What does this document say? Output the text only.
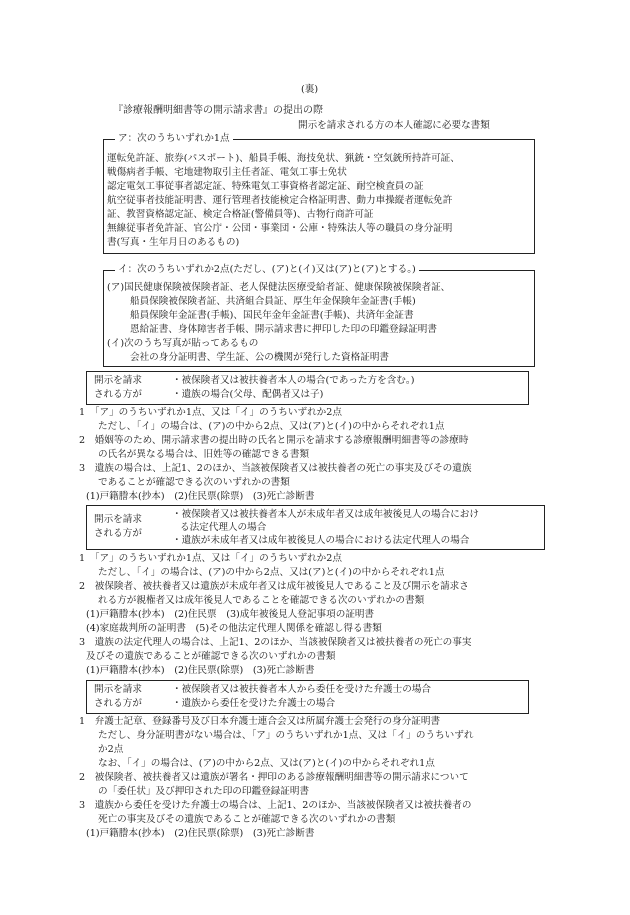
(裏)
『診療報酬明細書等の開示請求書』の提出の際
開示を請求される方の本人確認に必要な書類
ア：次のうちいずれか1点
運転免許証、旅券(パスポート)、船員手帳、海技免状、猟銃・空気銃所持許可証、
戦傷病者手帳、宅地建物取引主任者証、電気工事士免状
認定電気工事従事者認定証、特殊電気工事資格者認定証、耐空検査員の証
航空従事者技能証明書、運行管理者技能検定合格証明書、動力車操縦者運転免許
証、教習資格認定証、検定合格証(警備員等)、古物行商許可証
無線従事者免許証、官公庁・公団・事業団・公庫・特殊法人等の職員の身分証明
書(写真・生年月日のあるもの)
イ：次のうちいずれか2点(ただし、(ア)と(イ)又は(ア)と(ア)とする。)
(ア)国民健康保険被保険者証、老人保健法医療受給者証、健康保険被保険者証、
船員保険被保険者証、共済組合員証、厚生年金保険年金証書(手帳)
船員保険年金証書(手帳)、国民年金年金証書(手帳)、共済年金証書
恩給証書、身体障害者手帳、開示請求書に押印した印の印鑑登録証明書
(イ)次のうち写真が貼ってあるもの
会社の身分証明書、学生証、公の機関が発行した資格証明書
開示を請求
される方が
・被保険者又は被扶養者本人の場合(であった方を含む。)
・遺族の場合(父母、配偶者又は子)
1　「ア」のうちいずれか1点、又は「イ」のうちいずれか2点
ただし、「イ」の場合は、(ア)の中から2点、又は(ア)と(イ)の中からそれぞれ1点
2　婚姻等のため、開示請求書の提出時の氏名と開示を請求する診療報酬明細書等の診療時
の氏名が異なる場合は、旧姓等の確認できる書類
3　遺族の場合は、上記1、2のほか、当該被保険者又は被扶養者の死亡の事実及びその遺族
であることが確認できる次のいずれかの書類
(1)戸籍謄本(抄本)　(2)住民票(除票)　(3)死亡診断書
開示を請求
される方が
・被保険者又は被扶養者本人が未成年者又は成年被後見人の場合におけ
る法定代理人の場合
・遺族が未成年者又は成年被後見人の場合における法定代理人の場合
1　「ア」のうちいずれか1点、又は「イ」のうちいずれか2点
ただし、「イ」の場合は、(ア)の中から2点、又は(ア)と(イ)の中からそれぞれ1点
2　被保険者、被扶養者又は遺族が未成年者又は成年被後見人であること及び開示を請求さ
れる方が親権者又は成年後見人であることを確認できる次のいずれかの書類
(1)戸籍謄本(抄本)　(2)住民票　(3)成年被後見人登記事項の証明書
(4)家庭裁判所の証明書　(5)その他法定代理人関係を確認し得る書類
3　遺族の法定代理人の場合は、上記1、2のほか、当該被保険者又は被扶養者の死亡の事実
及びその遺族であることが確認できる次のいずれかの書類
(1)戸籍謄本(抄本)　(2)住民票(除票)　(3)死亡診断書
開示を請求
される方が
・被保険者又は被扶養者本人から委任を受けた弁護士の場合
・遺族から委任を受けた弁護士の場合
1　弁護士記章、登録番号及び日本弁護士連合会又は所属弁護士会発行の身分証明書
ただし、身分証明書がない場合は、「ア」のうちいずれか1点、又は「イ」のうちいずれ
か2点
なお、「イ」の場合は、(ア)の中から2点、又は(ア)と(イ)の中からそれぞれ1点
2　被保険者、被扶養者又は遺族が署名・押印のある診療報酬明細書等の開示請求について
の「委任状」及び押印された印の印鑑登録証明書
3　遺族から委任を受けた弁護士の場合は、上記1、2のほか、当該被保険者又は被扶養者の
死亡の事実及びその遺族であることが確認できる次のいずれかの書類
(1)戸籍謄本(抄本)　(2)住民票(除票)　(3)死亡診断書
